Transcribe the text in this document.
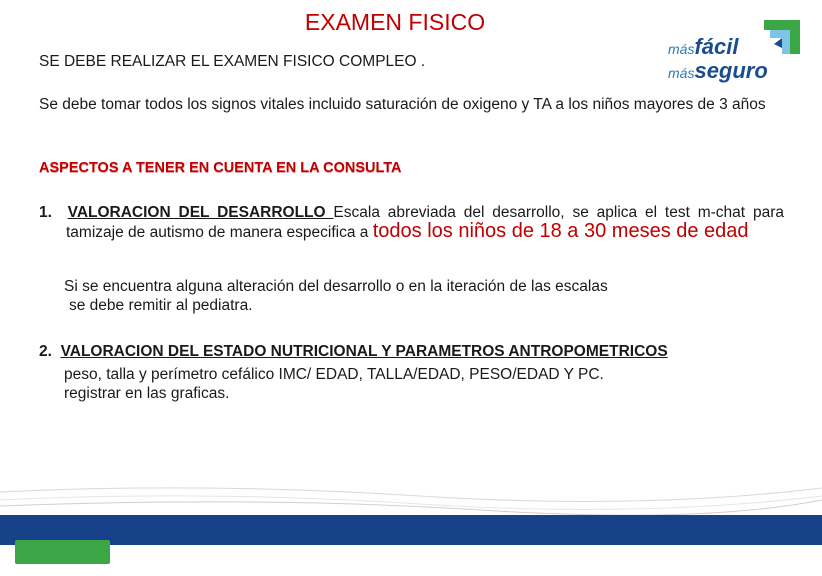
EXAMEN FISICO
másfácil
másseguro
SE DEBE REALIZAR EL EXAMEN FISICO COMPLEO .
Se debe tomar todos los signos vitales incluido saturación de oxigeno y TA a los niños mayores de 3 años
ASPECTOS A TENER EN CUENTA EN LA CONSULTA
1. VALORACION DEL DESARROLLO Escala abreviada del desarrollo, se aplica el test m-chat para tamizaje de autismo de manera especifica a todos los niños de 18 a 30 meses de edad
Si se encuentra alguna alteración del desarrollo o en la iteración de las escalas
se debe remitir al pediatra.
2. VALORACION DEL ESTADO NUTRICIONAL Y PARAMETROS ANTROPOMETRICOS
peso, talla y perímetro cefálico IMC/ EDAD, TALLA/EDAD, PESO/EDAD Y PC.
registrar en las graficas.
